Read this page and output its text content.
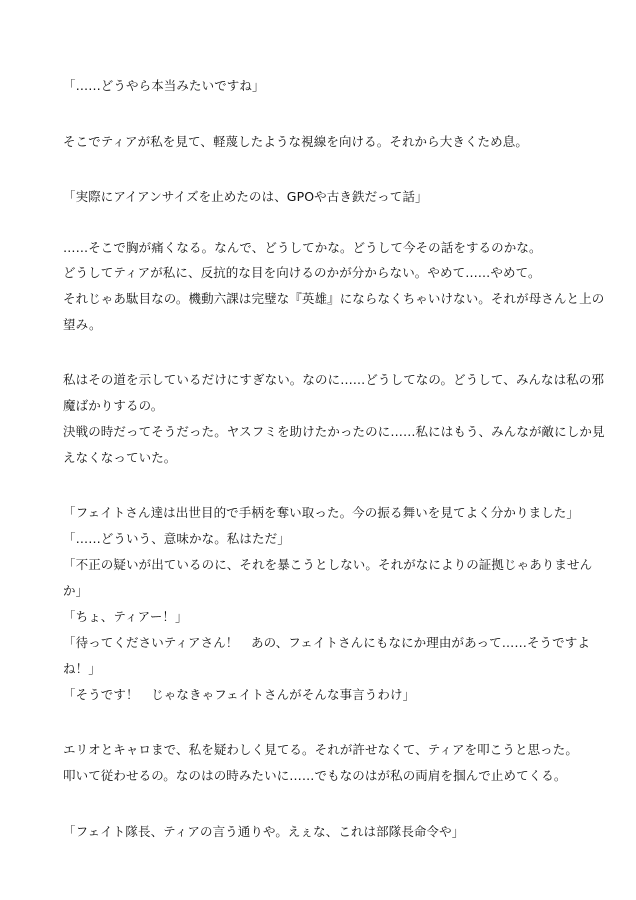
「……どうやら本当みたいですね」
そこでティアが私を見て、軽蔑したような視線を向ける。それから大きくため息。
「実際にアイアンサイズを止めたのは、GPOや古き鉄だって話」
……そこで胸が痛くなる。なんで、どうしてかな。どうして今その話をするのかな。
どうしてティアが私に、反抗的な目を向けるのかが分からない。やめて……やめて。
それじゃあ駄目なの。機動六課は完璧な『英雄』にならなくちゃいけない。それが母さんと上の
望み。
私はその道を示しているだけにすぎない。なのに……どうしてなの。どうして、みんなは私の邪
魔ばかりするの。
決戦の時だってそうだった。ヤスフミを助けたかったのに……私にはもう、みんなが敵にしか見
えなくなっていた。
「フェイトさん達は出世目的で手柄を奪い取った。今の振る舞いを見てよく分かりました」
「……どういう、意味かな。私はただ」
「不正の疑いが出ているのに、それを暴こうとしない。それがなによりの証拠じゃありません
か」
「ちょ、ティアー！」
「待ってくださいティアさん！　あの、フェイトさんにもなにか理由があって……そうですよ
ね！」
「そうです！　じゃなきゃフェイトさんがそんな事言うわけ」
エリオとキャロまで、私を疑わしく見てる。それが許せなくて、ティアを叩こうと思った。
叩いて従わせるの。なのはの時みたいに……でもなのはが私の両肩を掴んで止めてくる。
「フェイト隊長、ティアの言う通りや。えぇな、これは部隊長命令や」
